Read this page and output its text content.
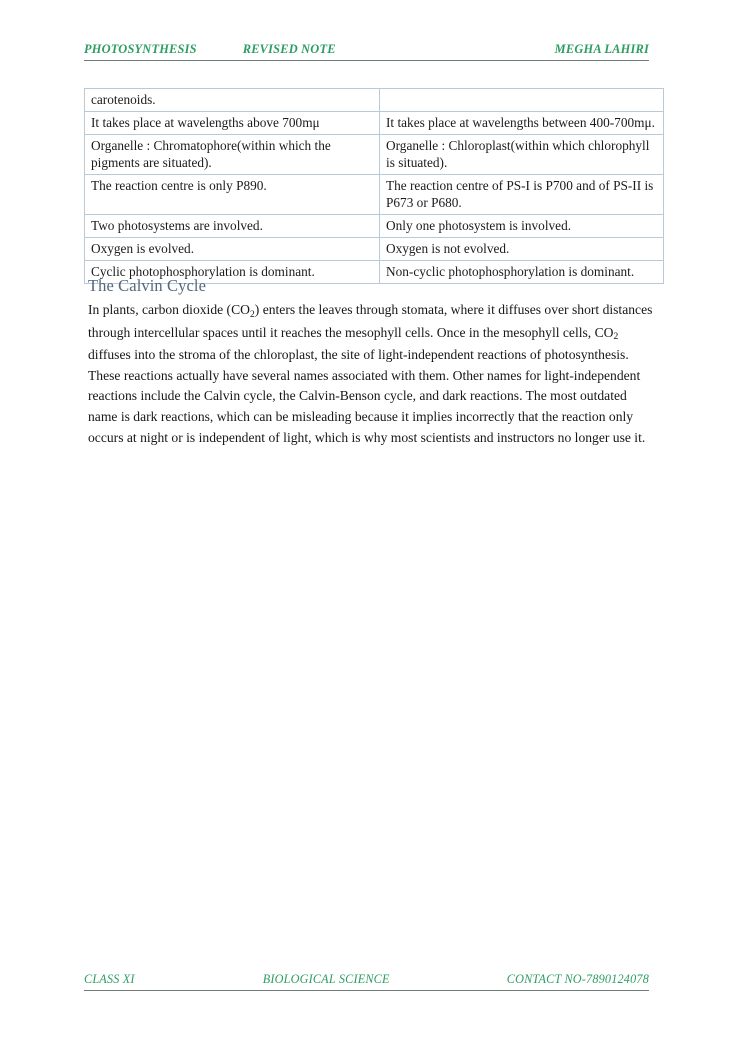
PHOTOSYNTHESIS	REVISED NOTE	MEGHA LAHIRI
carotenoids.	
It takes place at wavelengths above 700mμ	It takes place at wavelengths between 400-700mμ.
Organelle : Chromatophore(within which the pigments are situated).	Organelle : Chloroplast(within which chlorophyll is situated).
The reaction centre is only P890.	The reaction centre of PS-I is P700 and of PS-II is P673 or P680.
Two photosystems are involved.	Only one photosystem is involved.
Oxygen is evolved.	Oxygen is not evolved.
Cyclic photophosphorylation is dominant.	Non-cyclic photophosphorylation is dominant.
The Calvin Cycle

In plants, carbon dioxide $(CO_2)$ enters the leaves through stomata, where it diffuses over short distances through intercellular spaces until it reaches the mesophyll cells. Once in the mesophyll cells, $CO_2$ diffuses into the stroma of the chloroplast, the site of light-independent reactions of photosynthesis. These reactions actually have several names associated with them. Other names for light-independent reactions include the Calvin cycle, the Calvin-Benson cycle, and dark reactions. The most outdated name is dark reactions, which can be misleading because it implies incorrectly that the reaction only occurs at night or is independent of light, which is why most scientists and instructors no longer use it.

CLASS XI	BIOLOGICAL SCIENCE	CONTACT NO-7890124078
